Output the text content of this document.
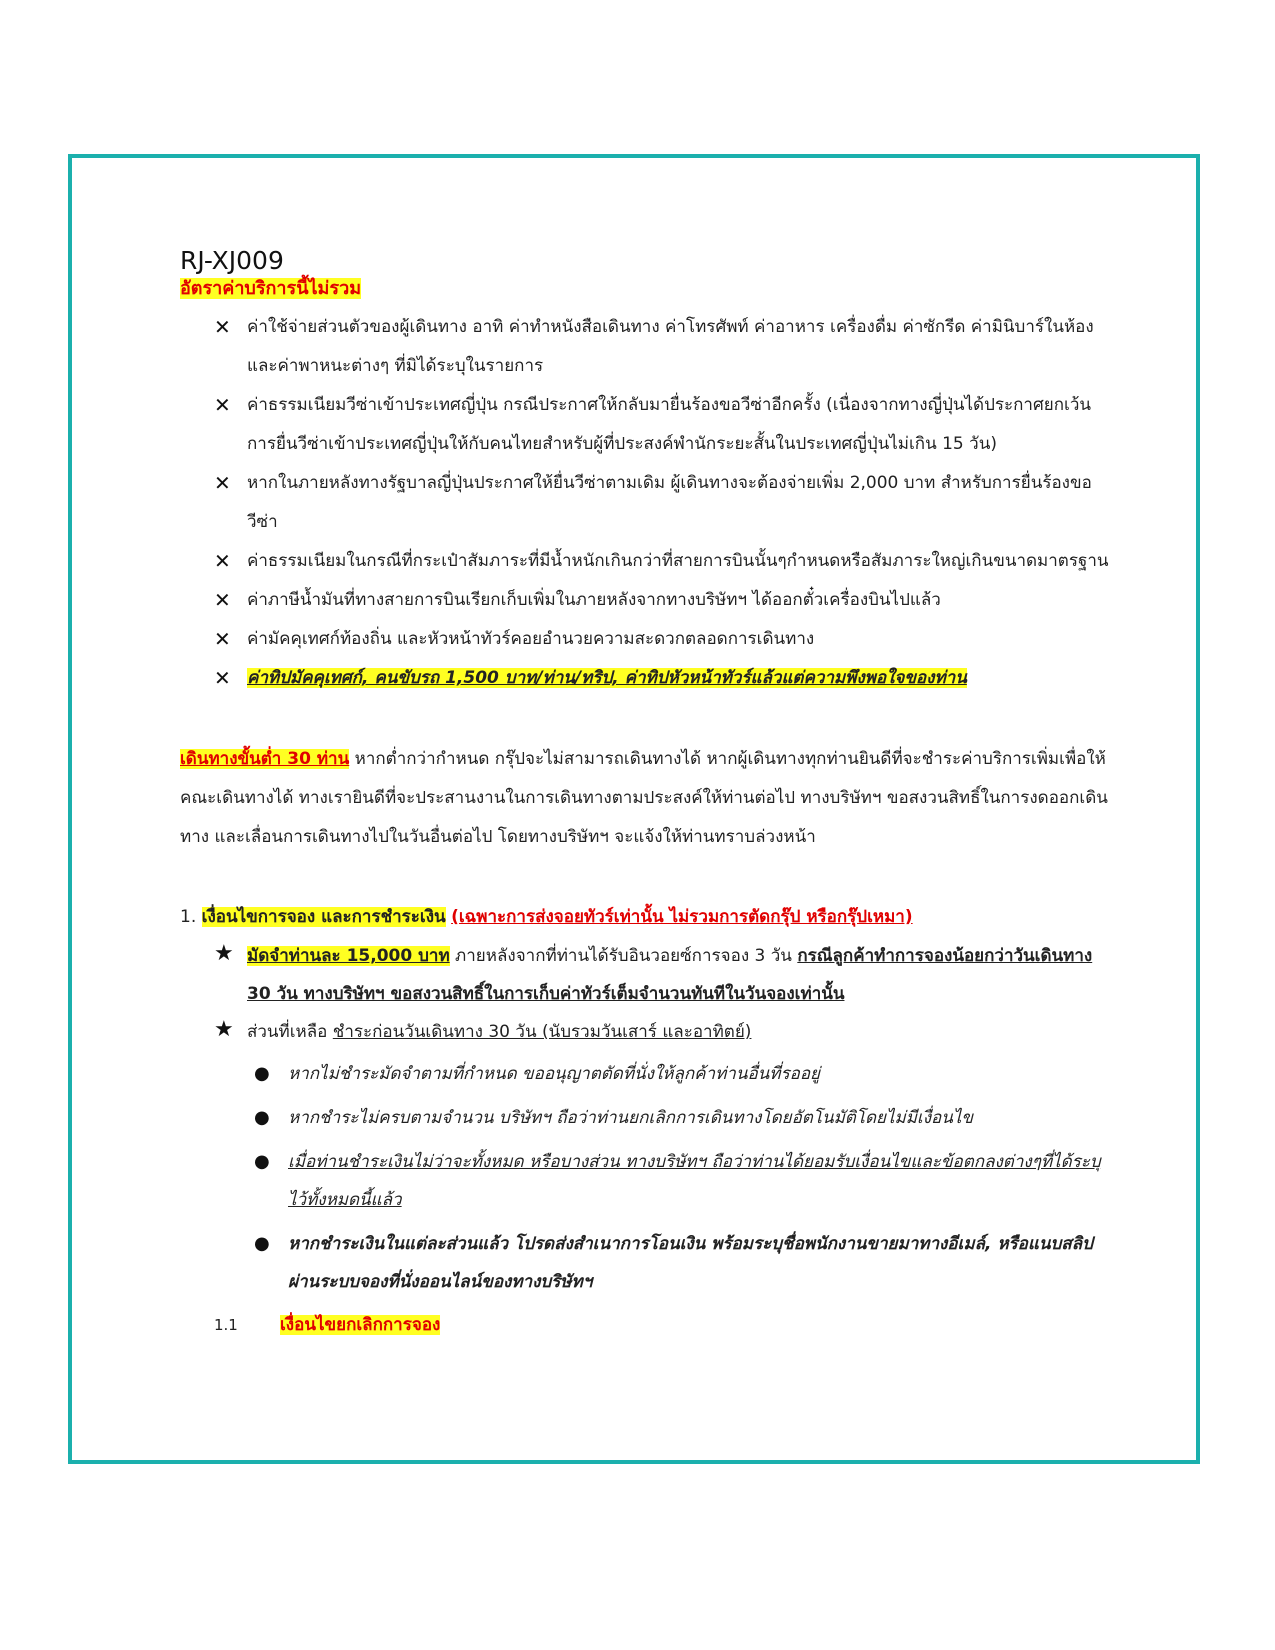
RJ-XJ009
อัตราค่าบริการนี้ไม่รวม
✕ ค่าใช้จ่ายส่วนตัวของผู้เดินทาง อาทิ ค่าทำหนังสือเดินทาง ค่าโทรศัพท์ ค่าอาหาร เครื่องดื่ม ค่าซักรีด ค่ามินิบาร์ในห้อง และค่าพาหนะต่างๆ ที่มิได้ระบุในรายการ
✕ ค่าธรรมเนียมวีซ่าเข้าประเทศญี่ปุ่น กรณีประกาศให้กลับมายื่นร้องขอวีซ่าอีกครั้ง (เนื่องจากทางญี่ปุ่นได้ประกาศยกเว้นการยื่นวีซ่าเข้าประเทศญี่ปุ่นให้กับคนไทยสำหรับผู้ที่ประสงค์พำนักระยะสั้นในประเทศญี่ปุ่นไม่เกิน 15 วัน)
✕ หากในภายหลังทางรัฐบาลญี่ปุ่นประกาศให้ยื่นวีซ่าตามเดิม ผู้เดินทางจะต้องจ่ายเพิ่ม 2,000 บาท สำหรับการยื่นร้องขอวีซ่า
✕ ค่าธรรมเนียมในกรณีที่กระเป๋าสัมภาระที่มีน้ำหนักเกินกว่าที่สายการบินนั้นๆกำหนดหรือสัมภาระใหญ่เกินขนาดมาตรฐาน
✕ ค่าภาษีน้ำมันที่ทางสายการบินเรียกเก็บเพิ่มในภายหลังจากทางบริษัทฯ ได้ออกตั๋วเครื่องบินไปแล้ว
✕ ค่ามัคคุเทศก์ท้องถิ่น และหัวหน้าทัวร์คอยอำนวยความสะดวกตลอดการเดินทาง
✕ ค่าทิปมัคคุเทศก์, คนขับรถ 1,500 บาท/ท่าน/ทริป, ค่าทิปหัวหน้าทัวร์แล้วแต่ความพึงพอใจของท่าน
เดินทางขั้นต่ำ 30 ท่าน หากต่ำกว่ากำหนด กรุ๊ปจะไม่สามารถเดินทางได้ หากผู้เดินทางทุกท่านยินดีที่จะชำระค่าบริการเพิ่มเพื่อให้คณะเดินทางได้ ทางเรายินดีที่จะประสานงานในการเดินทางตามประสงค์ให้ท่านต่อไป ทางบริษัทฯ ขอสงวนสิทธิ์ในการงดออกเดินทาง และเลื่อนการเดินทางไปในวันอื่นต่อไป โดยทางบริษัทฯ จะแจ้งให้ท่านทราบล่วงหน้า
1. เงื่อนไขการจอง และการชำระเงิน (เฉพาะการส่งจอยทัวร์เท่านั้น ไม่รวมการตัดกรุ๊ป หรือกรุ๊ปเหมา)
★ มัดจำท่านละ 15,000 บาท ภายหลังจากที่ท่านได้รับอินวอยซ์การจอง 3 วัน กรณีลูกค้าทำการจองน้อยกว่าวันเดินทาง 30 วัน ทางบริษัทฯ ขอสงวนสิทธิ์ในการเก็บค่าทัวร์เต็มจำนวนทันทีในวันจองเท่านั้น
★ ส่วนที่เหลือ ชำระก่อนวันเดินทาง 30 วัน (นับรวมวันเสาร์ และอาทิตย์)
● หากไม่ชำระมัดจำตามที่กำหนด ขออนุญาตตัดที่นั่งให้ลูกค้าท่านอื่นที่รออยู่
● หากชำระไม่ครบตามจำนวน บริษัทฯ ถือว่าท่านยกเลิกการเดินทางโดยอัตโนมัติโดยไม่มีเงื่อนไข
● เมื่อท่านชำระเงินไม่ว่าจะทั้งหมด หรือบางส่วน ทางบริษัทฯ ถือว่าท่านได้ยอมรับเงื่อนไขและข้อตกลงต่างๆที่ได้ระบุไว้ทั้งหมดนี้แล้ว
● หากชำระเงินในแต่ละส่วนแล้ว โปรดส่งสำเนาการโอนเงิน พร้อมระบุชื่อพนักงานขายมาทางอีเมล์, หรือแนบสลิปผ่านระบบจองที่นั่งออนไลน์ของทางบริษัทฯ
1.1 เงื่อนไขยกเลิกการจอง
